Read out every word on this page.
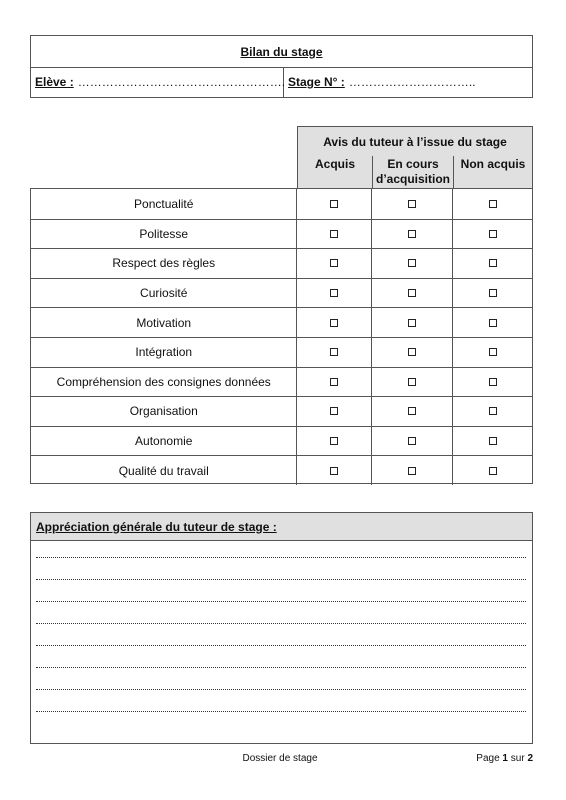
Bilan du stage
Elève : ……………………………………………. Stage N° : …………………………..
Avis du tuteur à l’issue du stage
Acquis	En cours d’acquisition
Non acquis
Ponctualité
Politesse
Respect des règles
Curiosité
Motivation
Intégration
Compréhension des consignes données
Organisation
Autonomie
Qualité du travail
Appréciation générale du tuteur de stage :
Dossier de stage	Page 1 sur 2
